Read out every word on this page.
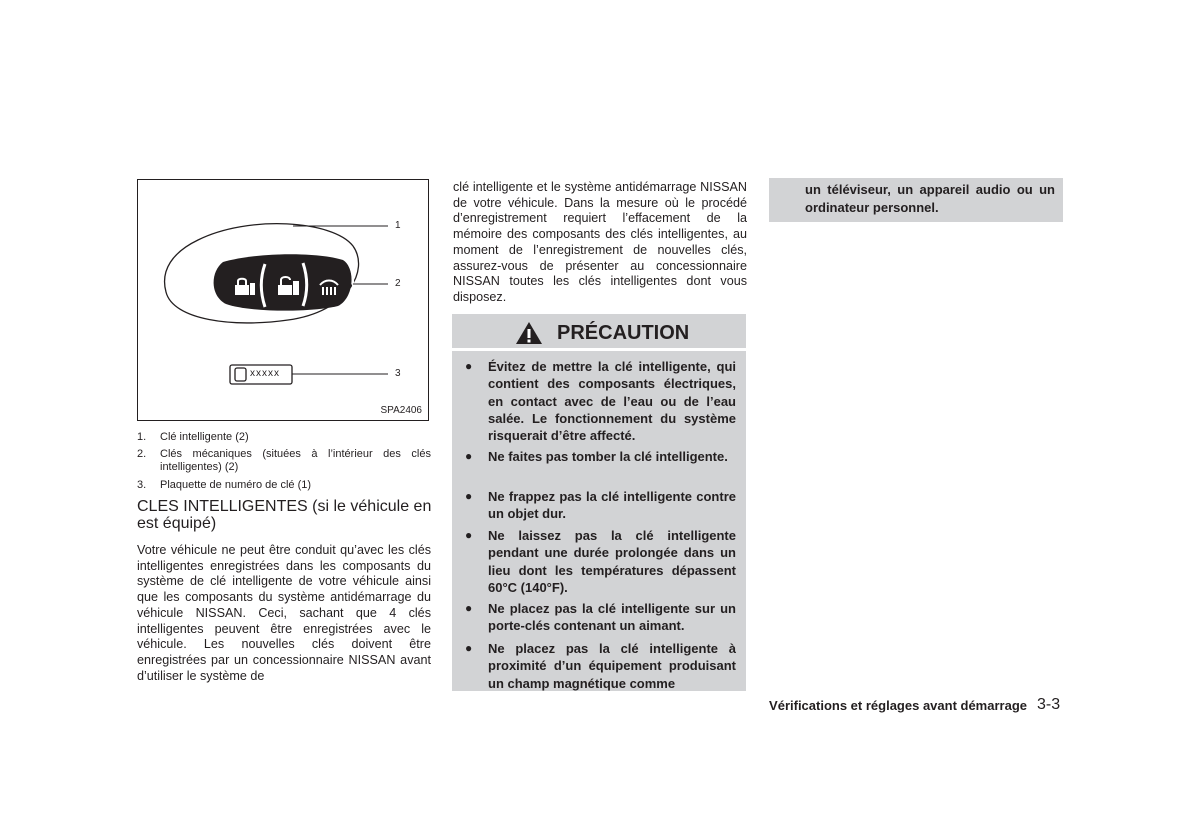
xxxxx
1
2
3
SPA2406
1. Clé intelligente (2)
2. Clés mécaniques (situées à l’intérieur des clés intelligentes) (2)
3. Plaquette de numéro de clé (1)
CLES INTELLIGENTES (si le véhicule en est équipé)
Votre véhicule ne peut être conduit qu’avec les clés intelligentes enregistrées dans les composants du système de clé intelligente de votre véhicule ainsi que les composants du système antidémarrage du véhicule NISSAN. Ceci, sachant que 4 clés intelligentes peuvent être enregistrées avec le véhicule. Les nouvelles clés doivent être enregistrées par un concessionnaire NISSAN avant d’utiliser le système de
clé intelligente et le système antidémarrage NISSAN de votre véhicule. Dans la mesure où le procédé d’enregistrement requiert l’effacement de la mémoire des composants des clés intelligentes, au moment de l’enregistrement de nouvelles clés, assurez-vous de présenter au concessionnaire NISSAN toutes les clés intelligentes dont vous disposez.
PRÉCAUTION
● Évitez de mettre la clé intelligente, qui contient des composants électriques, en contact avec de l’eau ou de l’eau salée. Le fonctionnement du système risquerait d’être affecté.
● Ne faites pas tomber la clé intelligente.
● Ne frappez pas la clé intelligente contre un objet dur.
● Ne laissez pas la clé intelligente pendant une durée prolongée dans un lieu dont les températures dépassent 60°C (140°F).
● Ne placez pas la clé intelligente sur un porte-clés contenant un aimant.
● Ne placez pas la clé intelligente à proximité d’un équipement produisant un champ magnétique comme
un téléviseur, un appareil audio ou un ordinateur personnel.
Vérifications et réglages avant démarrage 3-3
